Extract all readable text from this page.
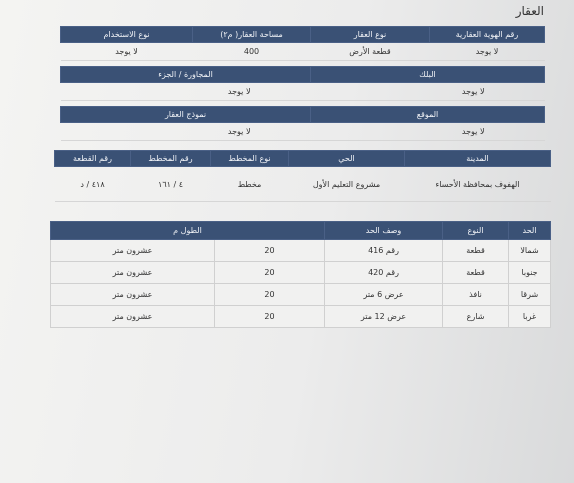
العقار
رقم الهوية العقارية	نوع العقار	مساحة العقار( م٢)	نوع الاستخدام
لا يوجد	قطعة الأرض	400	لا يوجد

البلك		المجاورة / الجزء	
لا يوجد		لا يوجد	

الموقع		نموذج العقار	
لا يوجد		لا يوجد	
المدينة	الحي	نوع المخطط	رقم المخطط	رقم القطعة
الهفوف بمحافظة الأحساء	مشروع التعليم الأول	مخطط	٤ / ١٦١	٤١٨ / د
الحد	النوع	وصف الحد	الطول م	
شمالا	قطعة	رقم 416	20	عشرون متر
جنوبا	قطعة	رقم 420	20	عشرون متر
شرقا	نافذ	عرض 6 متر	20	عشرون متر
غربا	شارع	عرض 12 متر	20	عشرون متر
